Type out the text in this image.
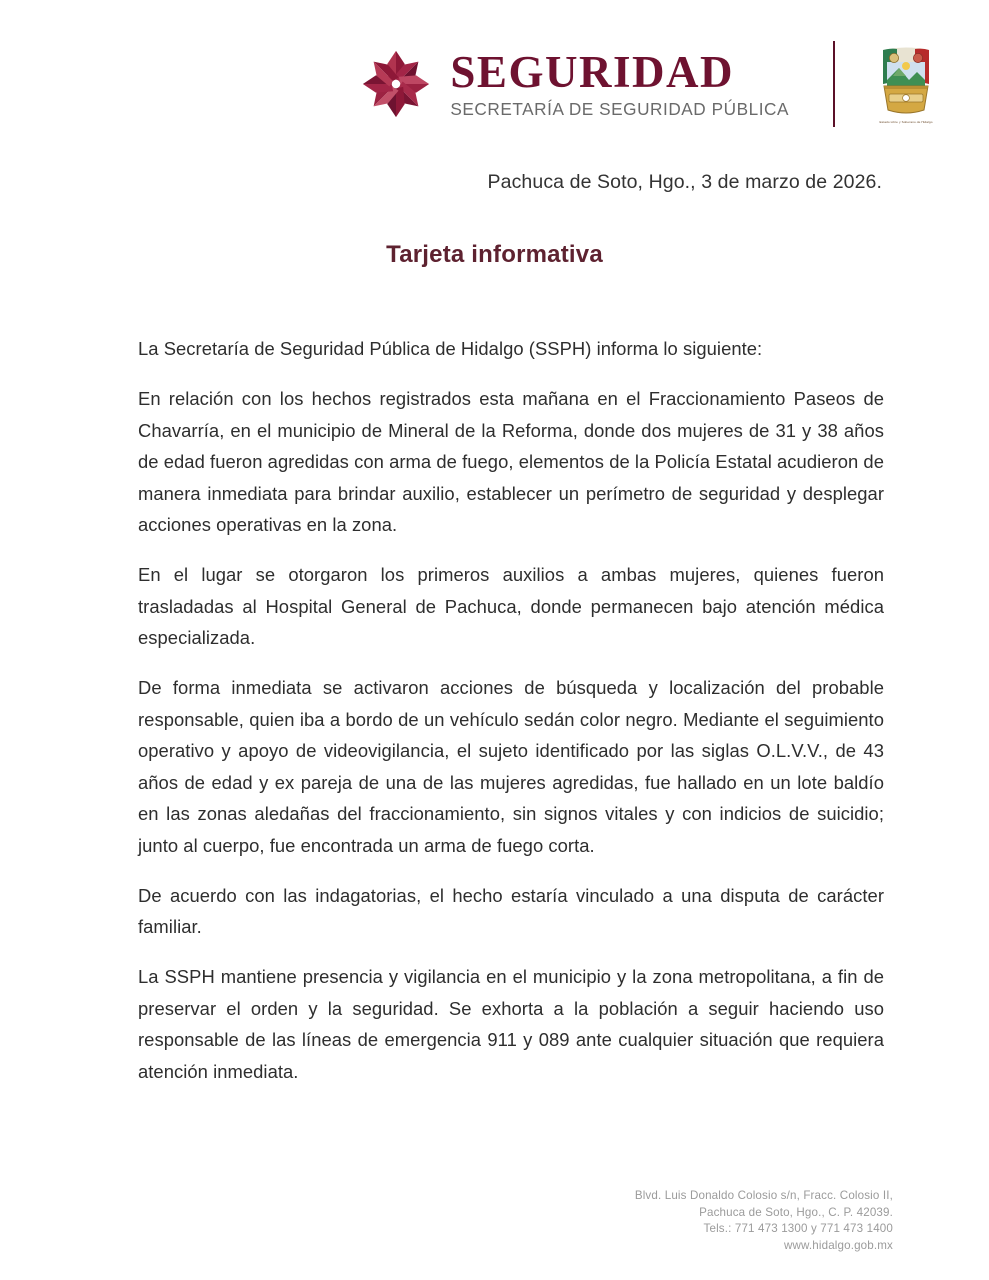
SEGURIDAD
SECRETARÍA DE SEGURIDAD PÚBLICA
Estado Libre y Soberano de Hidalgo
Pachuca de Soto, Hgo., 3 de marzo de 2026.
Tarjeta informativa

La Secretaría de Seguridad Pública de Hidalgo (SSPH) informa lo siguiente:

En relación con los hechos registrados esta mañana en el Fraccionamiento Paseos de Chavarría, en el municipio de Mineral de la Reforma, donde dos mujeres de 31 y 38 años de edad fueron agredidas con arma de fuego, elementos de la Policía Estatal acudieron de manera inmediata para brindar auxilio, establecer un perímetro de seguridad y desplegar acciones operativas en la zona.

En el lugar se otorgaron los primeros auxilios a ambas mujeres, quienes fueron trasladadas al Hospital General de Pachuca, donde permanecen bajo atención médica especializada.

De forma inmediata se activaron acciones de búsqueda y localización del probable responsable, quien iba a bordo de un vehículo sedán color negro. Mediante el seguimiento operativo y apoyo de videovigilancia, el sujeto identificado por las siglas O.L.V.V., de 43 años de edad y ex pareja de una de las mujeres agredidas, fue hallado en un lote baldío en las zonas aledañas del fraccionamiento, sin signos vitales y con indicios de suicidio; junto al cuerpo, fue encontrada un arma de fuego corta.

De acuerdo con las indagatorias, el hecho estaría vinculado a una disputa de carácter familiar.

La SSPH mantiene presencia y vigilancia en el municipio y la zona metropolitana, a fin de preservar el orden y la seguridad. Se exhorta a la población a seguir haciendo uso responsable de las líneas de emergencia 911 y 089 ante cualquier situación que requiera atención inmediata.

Blvd. Luis Donaldo Colosio s/n, Fracc. Colosio II,
Pachuca de Soto, Hgo., C. P. 42039.
Tels.: 771 473 1300 y 771 473 1400
www.hidalgo.gob.mx
